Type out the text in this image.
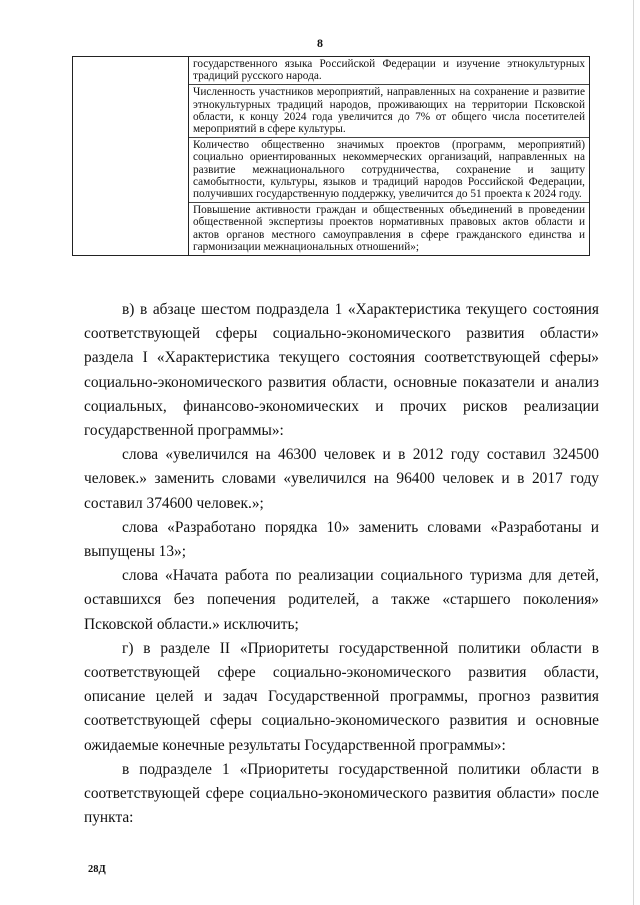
8
государственного языка Российской Федерации и изучение этнокультурных традиций русского народа.
Численность участников мероприятий, направленных на сохранение и развитие этнокультурных традиций народов, проживающих на территории Псковской области, к концу 2024 года увеличится до 7% от общего числа посетителей мероприятий в сфере культуры.
Количество общественно значимых проектов (программ, мероприятий) социально ориентированных некоммерческих организаций, направленных на развитие межнационального сотрудничества, сохранение и защиту самобытности, культуры, языков и традиций народов Российской Федерации, получивших государственную поддержку, увеличится до 51 проекта к 2024 году.
Повышение активности граждан и общественных объединений в проведении общественной экспертизы проектов нормативных правовых актов области и актов органов местного самоуправления в сфере гражданского единства и гармонизации межнациональных отношений»;

в) в абзаце шестом подраздела 1 «Характеристика текущего состояния соответствующей сферы социально-экономического развития области» раздела I «Характеристика текущего состояния соответствующей сферы» социально-экономического развития области, основные показатели и анализ социальных, финансово-экономических и прочих рисков реализации государственной программы»:

слова «увеличился на 46300 человек и в 2012 году составил 324500 человек.» заменить словами «увеличился на 96400 человек и в 2017 году составил 374600 человек.»;

слова «Разработано порядка 10» заменить словами «Разработаны и выпущены 13»;

слова «Начата работа по реализации социального туризма для детей, оставшихся без попечения родителей, а также «старшего поколения» Псковской области.» исключить;

г) в разделе II «Приоритеты государственной политики области в соответствующей сфере социально-экономического развития области, описание целей и задач Государственной программы, прогноз развития соответствующей сферы социально-экономического развития и основные ожидаемые конечные результаты Государственной программы»:

в подразделе 1 «Приоритеты государственной политики области в соответствующей сфере социально-экономического развития области» после пункта:

28Д
